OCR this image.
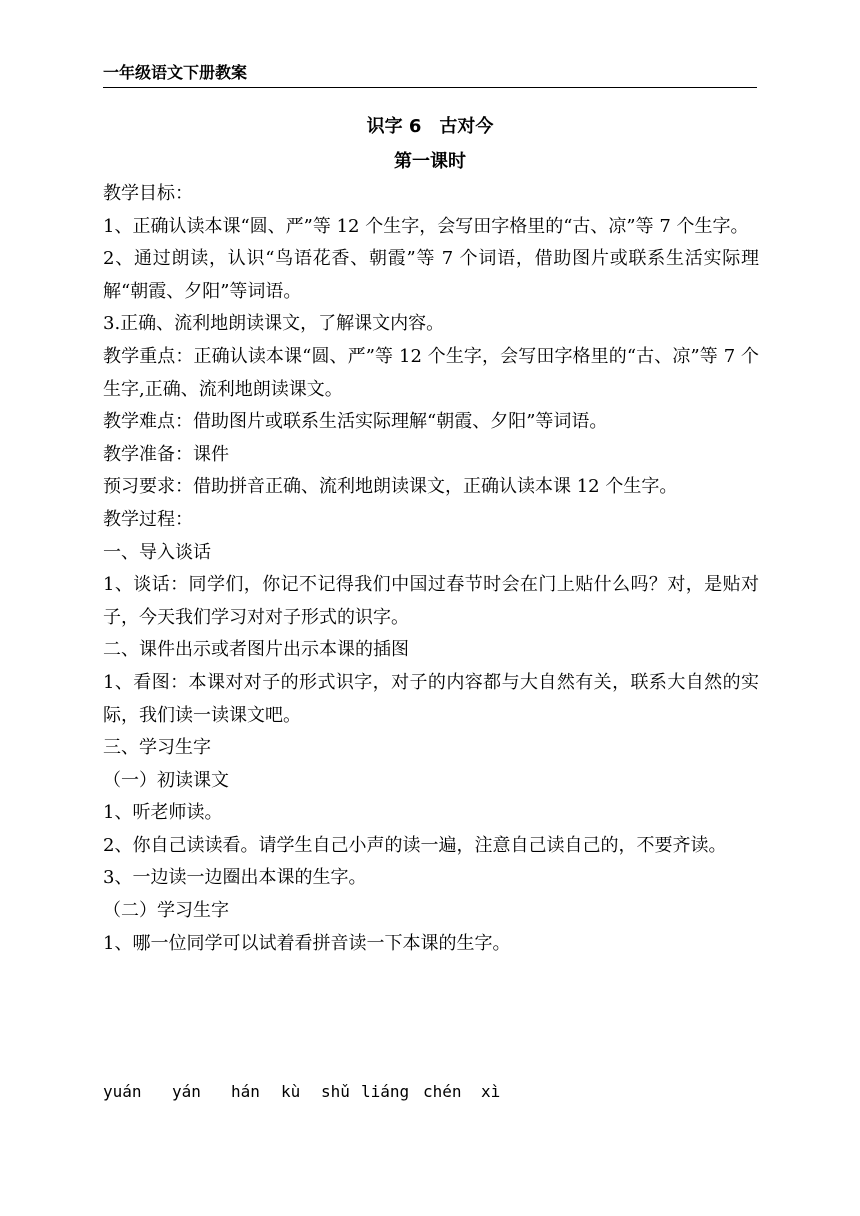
一年级语文下册教案
识字 6　古对今
第一课时

教学目标：

1、正确认读本课“圆、严”等 12 个生字，会写田字格里的“古、凉”等 7 个生字。

2、通过朗读，认识“鸟语花香、朝霞”等 7 个词语，借助图片或联系生活实际理解“朝霞、夕阳”等词语。

3.正确、流利地朗读课文，了解课文内容。

教学重点：正确认读本课“圆、严”等 12 个生字，会写田字格里的“古、凉”等 7 个生字,正确、流利地朗读课文。

教学难点：借助图片或联系生活实际理解“朝霞、夕阳”等词语。

教学准备：课件

预习要求：借助拼音正确、流利地朗读课文，正确认读本课 12 个生字。

教学过程：

一、导入谈话

1、谈话：同学们，你记不记得我们中国过春节时会在门上贴什么吗？对，是贴对子，今天我们学习对对子形式的识字。

二、课件出示或者图片出示本课的插图

1、看图：本课对对子的形式识字，对子的内容都与大自然有关，联系大自然的实际，我们读一读课文吧。

三、学习生字

（一）初读课文

1、听老师读。

2、你自己读读看。请学生自己小声的读一遍，注意自己读自己的，不要齐读。

3、一边读一边圈出本课的生字。

（二）学习生字

1、哪一位同学可以试着看拼音读一下本课的生字。

yuán yán hán kù shǔ liáng chén xì
